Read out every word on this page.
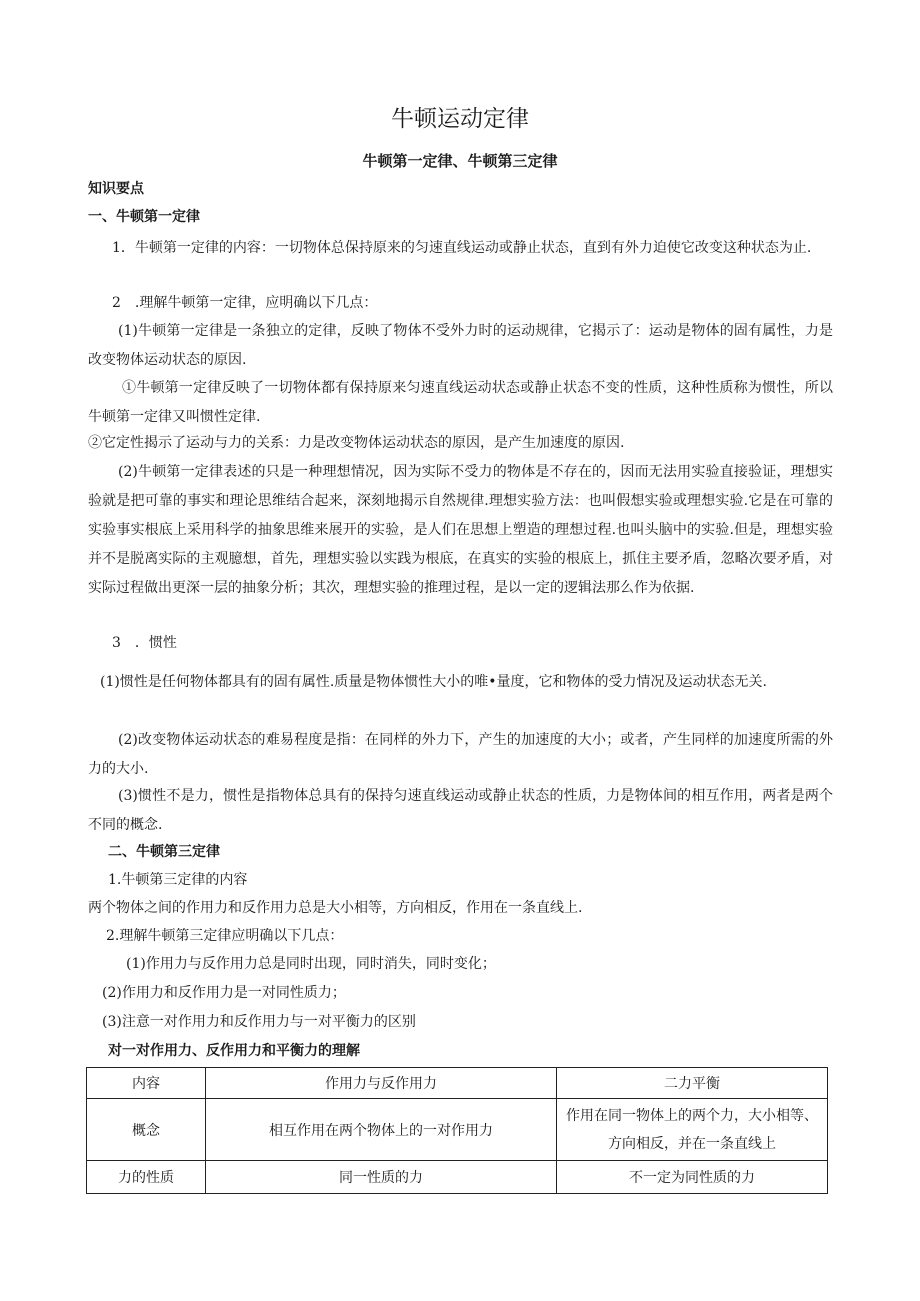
牛顿运动定律
牛顿第一定律、牛顿第三定律
知识要点
一、牛顿第一定律
1．牛顿第一定律的内容：一切物体总保持原来的匀速直线运动或静止状态，直到有外力迫使它改变这种状态为止.
2　.理解牛顿第一定律，应明确以下几点：
(1)牛顿第一定律是一条独立的定律，反映了物体不受外力时的运动规律，它揭示了：运动是物体的固有属性，力是改变物体运动状态的原因.
①牛顿第一定律反映了一切物体都有保持原来匀速直线运动状态或静止状态不变的性质，这种性质称为惯性，所以牛顿第一定律又叫惯性定律.
②它定性揭示了运动与力的关系：力是改变物体运动状态的原因，是产生加速度的原因.
(2)牛顿第一定律表述的只是一种理想情况，因为实际不受力的物体是不存在的，因而无法用实验直接验证，理想实验就是把可靠的事实和理论思维结合起来，深刻地揭示自然规律.理想实验方法：也叫假想实验或理想实验.它是在可靠的实验事实根底上采用科学的抽象思维来展开的实验，是人们在思想上塑造的理想过程.也叫头脑中的实验.但是，理想实验并不是脱离实际的主观臆想，首先，理想实验以实践为根底，在真实的实验的根底上，抓住主要矛盾，忽略次要矛盾，对实际过程做出更深一层的抽象分析；其次，理想实验的推理过程，是以一定的逻辑法那么作为依据.
3　．惯性
(1)惯性是任何物体都具有的固有属性.质量是物体惯性大小的唯•量度，它和物体的受力情况及运动状态无关.
(2)改变物体运动状态的难易程度是指：在同样的外力下，产生的加速度的大小；或者，产生同样的加速度所需的外力的大小.
(3)惯性不是力，惯性是指物体总具有的保持匀速直线运动或静止状态的性质，力是物体间的相互作用，两者是两个不同的概念.
二、牛顿第三定律
1.牛顿第三定律的内容
两个物体之间的作用力和反作用力总是大小相等，方向相反，作用在一条直线上.
2.理解牛顿第三定律应明确以下几点：
(1)作用力与反作用力总是同时出现，同时消失，同时变化；
(2)作用力和反作用力是一对同性质力；
(3)注意一对作用力和反作用力与一对平衡力的区别
对一对作用力、反作用力和平衡力的理解
内容	作用力与反作用力	二力平衡
概念	相互作用在两个物体上的一对作用力	作用在同一物体上的两个力，大小相等、方向相反，并在一条直线上
力的性质	同一性质的力	不一定为同性质的力
